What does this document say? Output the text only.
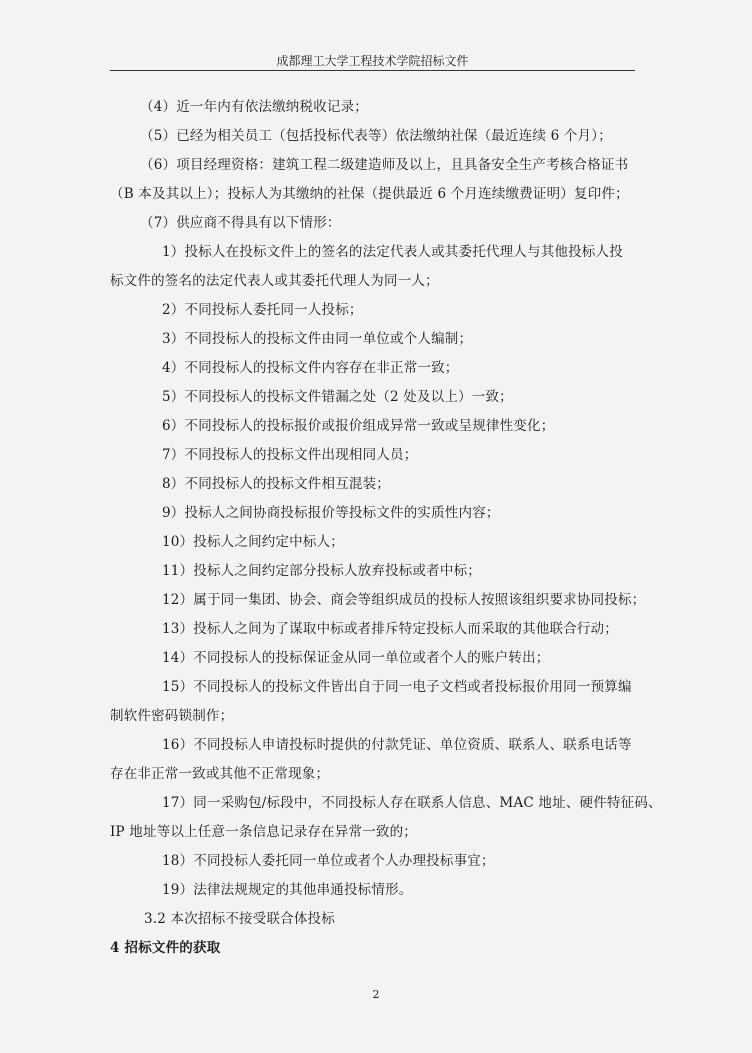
成都理工大学工程技术学院招标文件

（4）近一年内有依法缴纳税收记录；

（5）已经为相关员工（包括投标代表等）依法缴纳社保（最近连续 6 个月）；

（6）项目经理资格：建筑工程二级建造师及以上，且具备安全生产考核合格证书

（B 本及其以上）；投标人为其缴纳的社保（提供最近 6 个月连续缴费证明）复印件；

（7）供应商不得具有以下情形：

1）投标人在投标文件上的签名的法定代表人或其委托代理人与其他投标人投

标文件的签名的法定代表人或其委托代理人为同一人；

2）不同投标人委托同一人投标；

3）不同投标人的投标文件由同一单位或个人编制；

4）不同投标人的投标文件内容存在非正常一致；

5）不同投标人的投标文件错漏之处（2 处及以上）一致；

6）不同投标人的投标报价或报价组成异常一致或呈规律性变化；

7）不同投标人的投标文件出现相同人员；

8）不同投标人的投标文件相互混装；

9）投标人之间协商投标报价等投标文件的实质性内容；

10）投标人之间约定中标人；

11）投标人之间约定部分投标人放弃投标或者中标；

12）属于同一集团、协会、商会等组织成员的投标人按照该组织要求协同投标；

13）投标人之间为了谋取中标或者排斥特定投标人而采取的其他联合行动；

14）不同投标人的投标保证金从同一单位或者个人的账户转出；

15）不同投标人的投标文件皆出自于同一电子文档或者投标报价用同一预算编

制软件密码锁制作；

16）不同投标人申请投标时提供的付款凭证、单位资质、联系人、联系电话等

存在非正常一致或其他不正常现象；

17）同一采购包/标段中，不同投标人存在联系人信息、MAC 地址、硬件特征码、

IP 地址等以上任意一条信息记录存在异常一致的；

18）不同投标人委托同一单位或者个人办理投标事宜；

19）法律法规规定的其他串通投标情形。

3.2 本次招标不接受联合体投标

4 招标文件的获取

2
